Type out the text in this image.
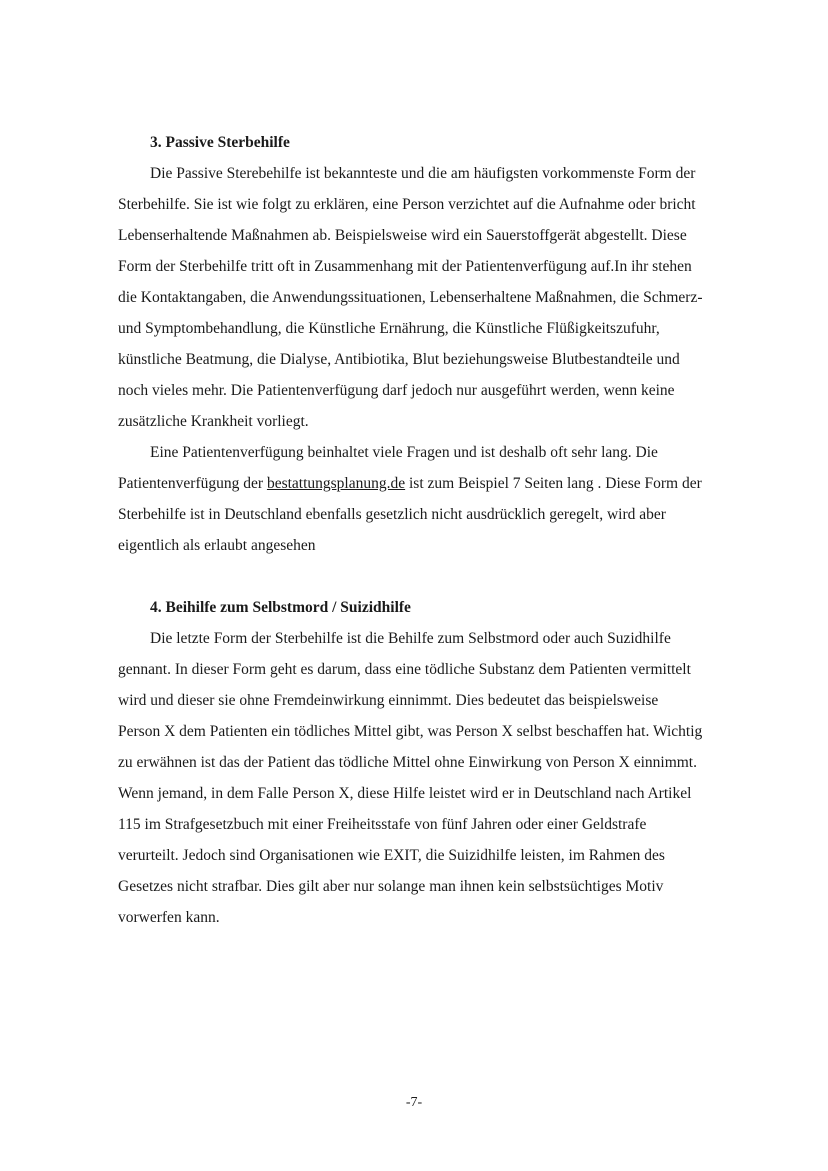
3. Passive Sterbehilfe

Die Passive Sterebehilfe ist bekannteste und die am häufigsten vorkommenste Form der
Sterbehilfe. Sie ist wie folgt zu erklären, eine Person verzichtet auf die Aufnahme oder bricht
Lebenserhaltende Maßnahmen ab. Beispielsweise wird ein Sauerstoffgerät abgestellt. Diese
Form der Sterbehilfe tritt oft in Zusammenhang mit der Patientenverfügung auf.In ihr stehen
die Kontaktangaben, die Anwendungssituationen, Lebenserhaltene Maßnahmen, die Schmerz-
und Symptombehandlung, die Künstliche Ernährung, die Künstliche Flüßigkeitszufuhr,
künstliche Beatmung, die Dialyse, Antibiotika, Blut beziehungsweise Blutbestandteile und
noch vieles mehr. Die Patientenverfügung darf jedoch nur ausgeführt werden, wenn keine
zusätzliche Krankheit vorliegt.

Eine Patientenverfügung beinhaltet viele Fragen und ist deshalb oft sehr lang. Die
Patientenverfügung der bestattungsplanung.de ist zum Beispiel 7 Seiten lang . Diese Form der
Sterbehilfe ist in Deutschland ebenfalls gesetzlich nicht ausdrücklich geregelt, wird aber
eigentlich als erlaubt angesehen

4. Beihilfe zum Selbstmord / Suizidhilfe

Die letzte Form der Sterbehilfe ist die Behilfe zum Selbstmord oder auch Suzidhilfe
gennant. In dieser Form geht es darum, dass eine tödliche Substanz dem Patienten vermittelt
wird und dieser sie ohne Fremdeinwirkung einnimmt. Dies bedeutet das beispielsweise
Person X dem Patienten ein tödliches Mittel gibt, was Person X selbst beschaffen hat. Wichtig
zu erwähnen ist das der Patient das tödliche Mittel ohne Einwirkung von Person X einnimmt.
Wenn jemand, in dem Falle Person X, diese Hilfe leistet wird er in Deutschland nach Artikel
115 im Strafgesetzbuch mit einer Freiheitsstafe von fünf Jahren oder einer Geldstrafe
verurteilt. Jedoch sind Organisationen wie EXIT, die Suizidhilfe leisten, im Rahmen des
Gesetzes nicht strafbar. Dies gilt aber nur solange man ihnen kein selbstsüchtiges Motiv
vorwerfen kann.

-7-
